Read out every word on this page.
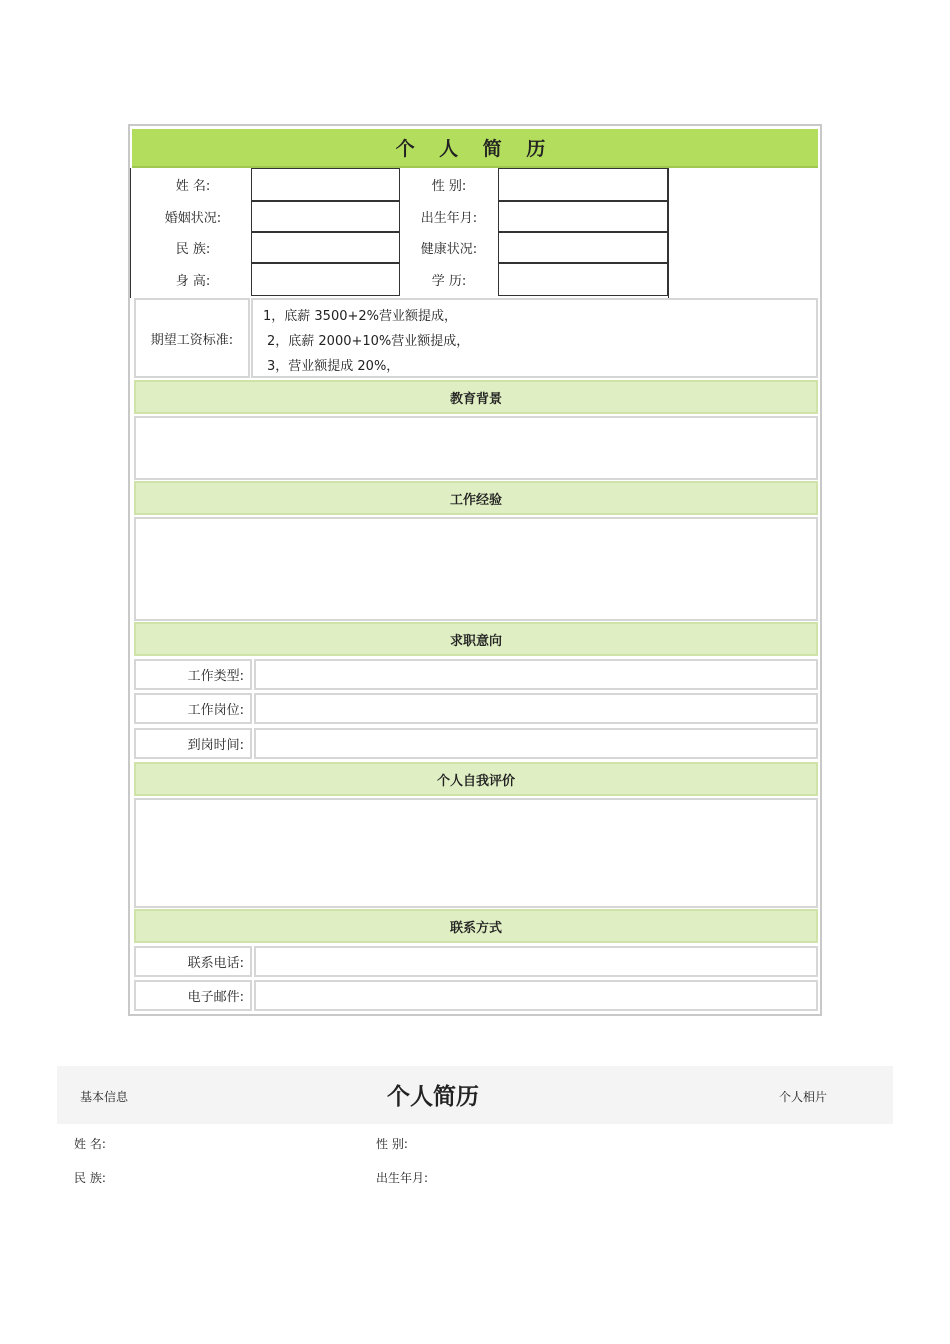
个 人 简 历
姓 名:	性 别:
婚姻状况:	出生年月:
民 族:	健康状况:
身 高:	学 历:
期望工资标准:
1，底薪 3500+2%营业额提成，
2，底薪 2000+10%营业额提成，
3，营业额提成 20%，
教育背景
工作经验
求职意向
工作类型:
工作岗位:
到岗时间:
个人自我评价
联系方式
联系电话:
电子邮件:
基本信息	个人简历	个人相片
姓 名:	性 别:
民 族:	出生年月:
